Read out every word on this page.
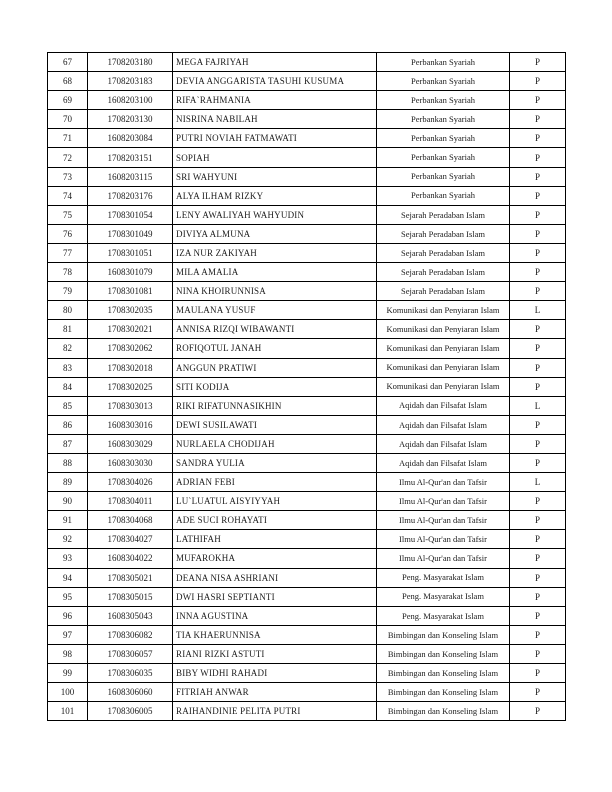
67	1708203180	MEGA FAJRIYAH	Perbankan Syariah	P
68	1708203183	DEVIA ANGGARISTA TASUHI KUSUMA	Perbankan Syariah	P
69	1608203100	RIFA`RAHMANIA	Perbankan Syariah	P
70	1708203130	NISRINA NABILAH	Perbankan Syariah	P
71	1608203084	PUTRI NOVIAH FATMAWATI	Perbankan Syariah	P
72	1708203151	SOPIAH	Perbankan Syariah	P
73	1608203115	SRI WAHYUNI	Perbankan Syariah	P
74	1708203176	ALYA ILHAM RIZKY	Perbankan Syariah	P
75	1708301054	LENY AWALIYAH WAHYUDIN	Sejarah Peradaban Islam	P
76	1708301049	DIVIYA ALMUNA	Sejarah Peradaban Islam	P
77	1708301051	IZA NUR ZAKIYAH	Sejarah Peradaban Islam	P
78	1608301079	MILA AMALIA	Sejarah Peradaban Islam	P
79	1708301081	NINA KHOIRUNNISA	Sejarah Peradaban Islam	P
80	1708302035	MAULANA YUSUF	Komunikasi dan Penyiaran Islam	L
81	1708302021	ANNISA RIZQI WIBAWANTI	Komunikasi dan Penyiaran Islam	P
82	1708302062	ROFIQOTUL JANAH	Komunikasi dan Penyiaran Islam	P
83	1708302018	ANGGUN PRATIWI	Komunikasi dan Penyiaran Islam	P
84	1708302025	SITI KODIJA	Komunikasi dan Penyiaran Islam	P
85	1708303013	RIKI RIFATUNNASIKHIN	Aqidah dan Filsafat Islam	L
86	1608303016	DEWI SUSILAWATI	Aqidah dan Filsafat Islam	P
87	1608303029	NURLAELA CHODIJAH	Aqidah dan Filsafat Islam	P
88	1608303030	SANDRA YULIA	Aqidah dan Filsafat Islam	P
89	1708304026	ADRIAN FEBI	Ilmu Al-Qur'an dan Tafsir	L
90	1708304011	LU`LUATUL AISYIYYAH	Ilmu Al-Qur'an dan Tafsir	P
91	1708304068	ADE SUCI ROHAYATI	Ilmu Al-Qur'an dan Tafsir	P
92	1708304027	LATHIFAH	Ilmu Al-Qur'an dan Tafsir	P
93	1608304022	MUFAROKHA	Ilmu Al-Qur'an dan Tafsir	P
94	1708305021	DEANA NISA ASHRIANI	Peng. Masyarakat Islam	P
95	1708305015	DWI HASRI SEPTIANTI	Peng. Masyarakat Islam	P
96	1608305043	INNA AGUSTINA	Peng. Masyarakat Islam	P
97	1708306082	TIA KHAERUNNISA	Bimbingan dan Konseling Islam	P
98	1708306057	RIANI RIZKI ASTUTI	Bimbingan dan Konseling Islam	P
99	1708306035	BIBY WIDHI RAHADI	Bimbingan dan Konseling Islam	P
100	1608306060	FITRIAH ANWAR	Bimbingan dan Konseling Islam	P
101	1708306005	RAIHANDINIE PELITA PUTRI	Bimbingan dan Konseling Islam	P
